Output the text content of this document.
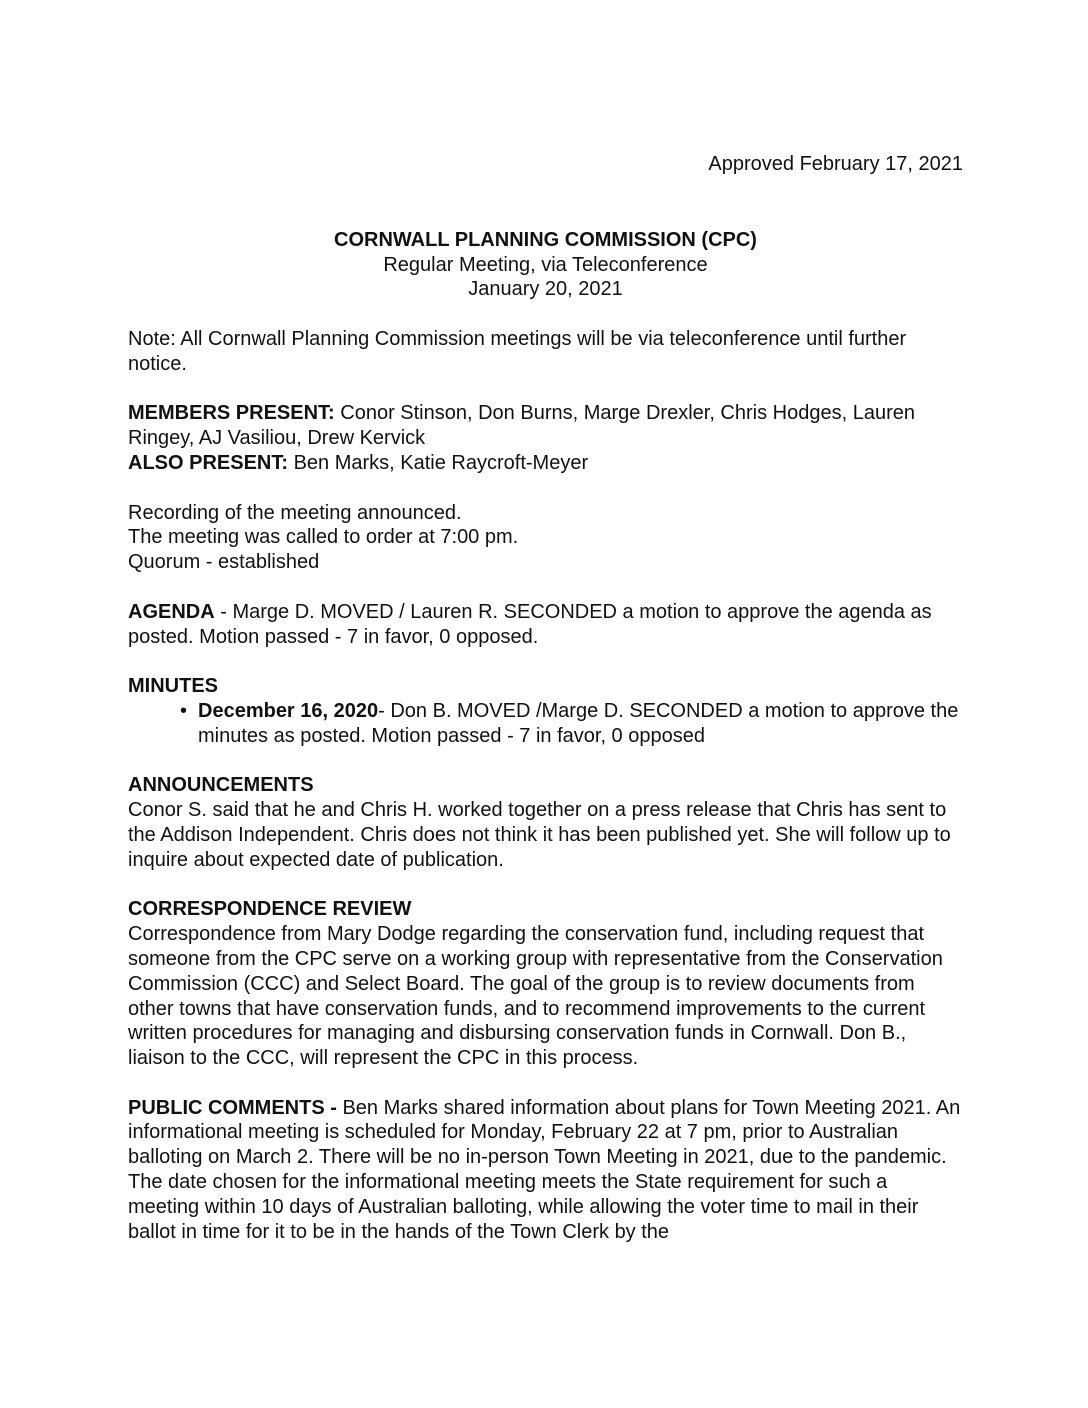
Approved February 17, 2021

CORNWALL PLANNING COMMISSION (CPC)

Regular Meeting, via Teleconference

January 20, 2021

Note: All Cornwall Planning Commission meetings will be via teleconference until further notice.

MEMBERS PRESENT: Conor Stinson, Don Burns, Marge Drexler, Chris Hodges, Lauren Ringey, AJ Vasiliou, Drew Kervick

ALSO PRESENT: Ben Marks, Katie Raycroft-Meyer

Recording of the meeting announced.

The meeting was called to order at 7:00 pm.

Quorum - established

AGENDA - Marge D. MOVED / Lauren R. SECONDED a motion to approve the agenda as posted. Motion passed - 7 in favor, 0 opposed.

MINUTES

• December 16, 2020- Don B. MOVED /Marge D. SECONDED a motion to approve the minutes as posted. Motion passed - 7 in favor, 0 opposed

ANNOUNCEMENTS

Conor S. said that he and Chris H. worked together on a press release that Chris has sent to the Addison Independent. Chris does not think it has been published yet. She will follow up to inquire about expected date of publication.

CORRESPONDENCE REVIEW

Correspondence from Mary Dodge regarding the conservation fund, including request that someone from the CPC serve on a working group with representative from the Conservation Commission (CCC) and Select Board. The goal of the group is to review documents from other towns that have conservation funds, and to recommend improvements to the current written procedures for managing and disbursing conservation funds in Cornwall. Don B., liaison to the CCC, will represent the CPC in this process.

PUBLIC COMMENTS - Ben Marks shared information about plans for Town Meeting 2021. An informational meeting is scheduled for Monday, February 22 at 7 pm, prior to Australian balloting on March 2. There will be no in-person Town Meeting in 2021, due to the pandemic. The date chosen for the informational meeting meets the State requirement for such a meeting within 10 days of Australian balloting, while allowing the voter time to mail in their ballot in time for it to be in the hands of the Town Clerk by the
